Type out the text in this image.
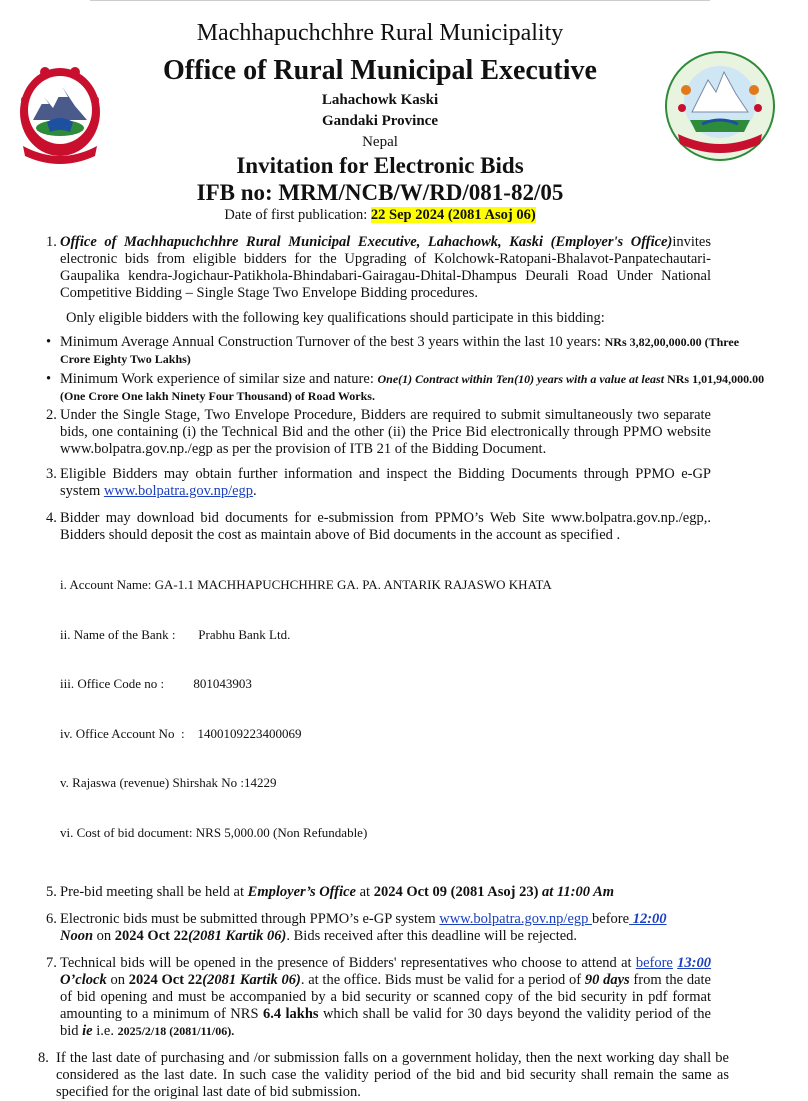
Machhapuchchhre Rural Municipality
Office of Rural Municipal Executive
Lahachowk Kaski
Gandaki Province
Nepal
Invitation for Electronic Bids
IFB no: MRM/NCB/W/RD/081-82/05
Date of first publication: 22 Sep 2024 (2081 Asoj 06)
1. Office of Machhapuchchhre Rural Municipal Executive, Lahachowk, Kaski (Employer's Office)invites electronic bids from eligible bidders for the Upgrading of Kolchowk-Ratopani-Bhalavot-Panpatechautari-Gaupalika kendra-Jogichaur-Patikhola-Bhindabari-Gairagau-Dhital-Dhampus Deurali Road Under National Competitive Bidding – Single Stage Two Envelope Bidding procedures.
Only eligible bidders with the following key qualifications should participate in this bidding:
• Minimum Average Annual Construction Turnover of the best 3 years within the last 10 years: NRs 3,82,00,000.00 (Three Crore Eighty Two Lakhs)
• Minimum Work experience of similar size and nature: One(1) Contract within Ten(10) years with a value at least NRs 1,01,94,000.00 (One Crore One lakh Ninety Four Thousand) of Road Works.
2. Under the Single Stage, Two Envelope Procedure, Bidders are required to submit simultaneously two separate bids, one containing (i) the Technical Bid and the other (ii) the Price Bid electronically through PPMO website www.bolpatra.gov.np./egp as per the provision of ITB 21 of the Bidding Document.
3. Eligible Bidders may obtain further information and inspect the Bidding Documents through PPMO e-GP system www.bolpatra.gov.np/egp.
4. Bidder may download bid documents for e-submission from PPMO’s Web Site www.bolpatra.gov.np./egp,. Bidders should deposit the cost as maintain above of Bid documents in the account as specified .

i. Account Name: GA-1.1 MACHHAPUCHCHHRE GA. PA. ANTARIK RAJASWO KHATA

ii. Name of the Bank :       Prabhu Bank Ltd.

iii. Office Code no :         801043903

iv. Office Account No  :    1400109223400069

v. Rajaswa (revenue) Shirshak No :14229

vi. Cost of bid document: NRS 5,000.00 (Non Refundable)

5. Pre-bid meeting shall be held at Employer’s Office at 2024 Oct 09 (2081 Asoj 23) at 11:00 Am
6. Electronic bids must be submitted through PPMO’s e-GP system www.bolpatra.gov.np/egp before 12:00
Noon on 2024 Oct 22(2081 Kartik 06). Bids received after this deadline will be rejected.
7. Technical bids will be opened in the presence of Bidders' representatives who choose to attend at before 13:00 O’clock on 2024 Oct 22(2081 Kartik 06). at the office. Bids must be valid for a period of 90 days from the date of bid opening and must be accompanied by a bid security or scanned copy of the bid security in pdf format amounting to a minimum of NRS 6.4 lakhs which shall be valid for 30 days beyond the validity period of the bid ie i.e. 2025/2/18 (2081/11/06).
8. If the last date of purchasing and /or submission falls on a government holiday, then the next working day shall be considered as the last date. In such case the validity period of the bid and bid security shall remain the same as specified for the original last date of bid submission.
